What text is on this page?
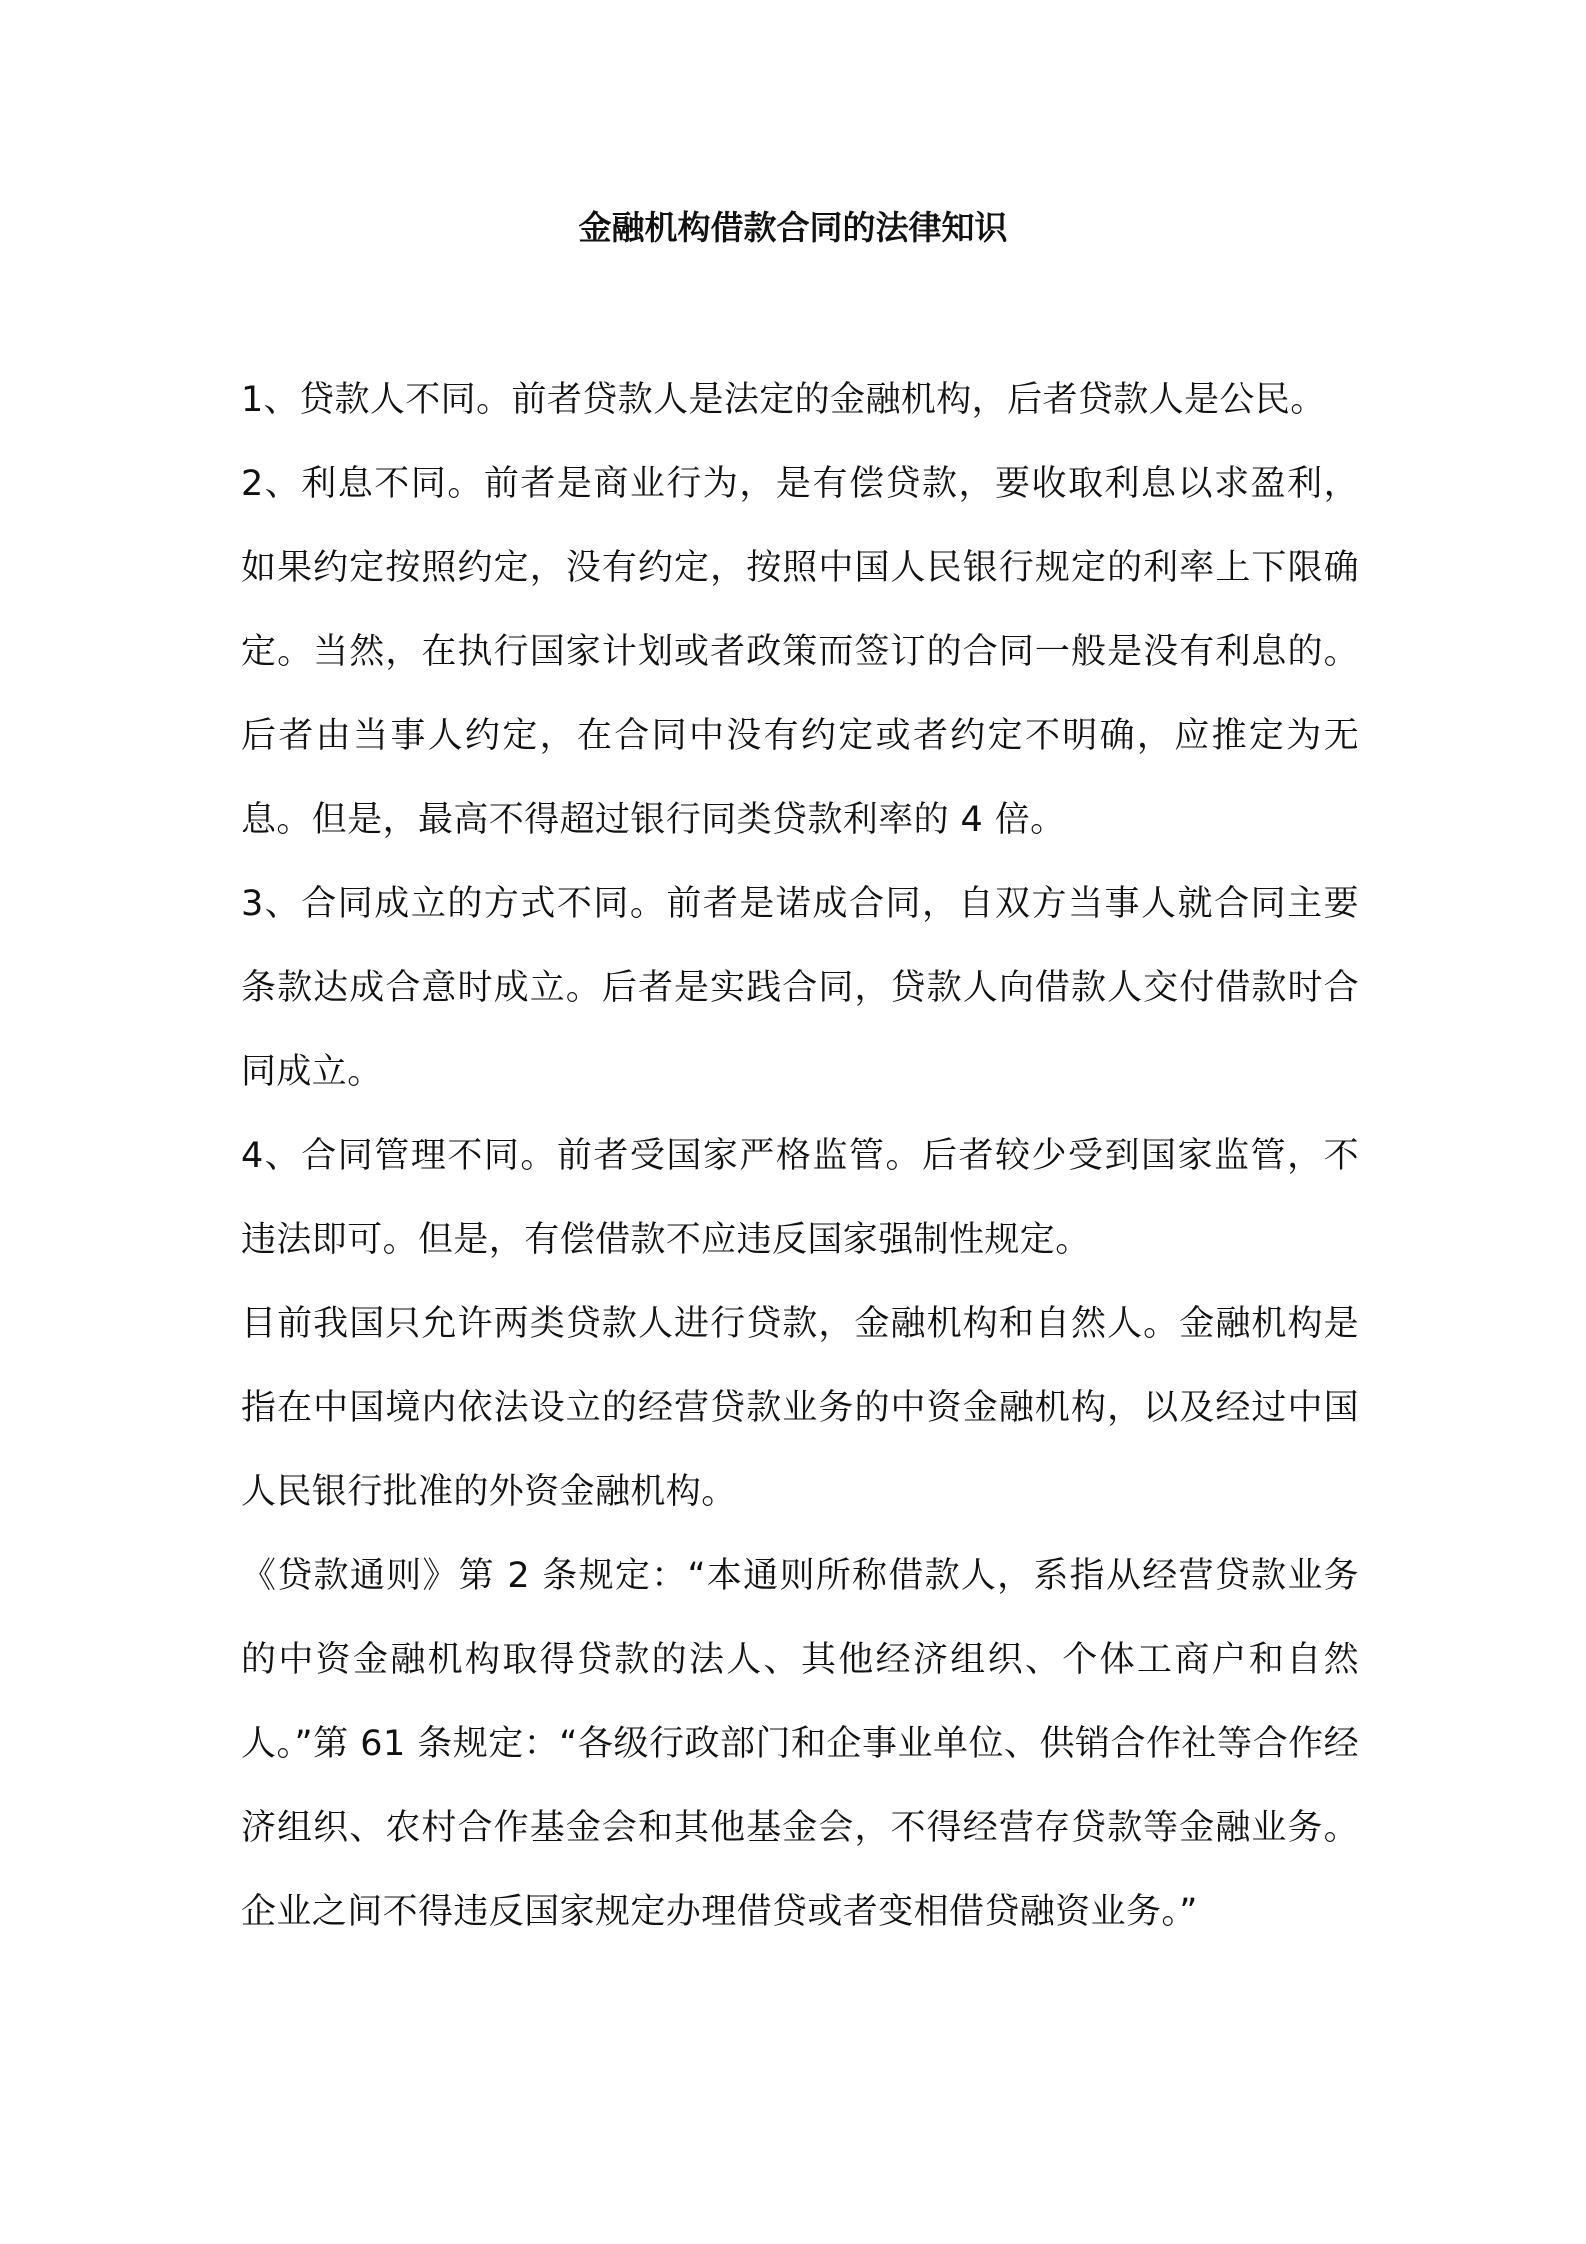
金融机构借款合同的法律知识

1、贷款人不同。前者贷款人是法定的金融机构，后者贷款人是公民。

2、利息不同。前者是商业行为，是有偿贷款，要收取利息以求盈利，如果约定按照约定，没有约定，按照中国人民银行规定的利率上下限确定。当然，在执行国家计划或者政策而签订的合同一般是没有利息的。后者由当事人约定，在合同中没有约定或者约定不明确，应推定为无息。但是，最高不得超过银行同类贷款利率的 4 倍。

3、合同成立的方式不同。前者是诺成合同，自双方当事人就合同主要条款达成合意时成立。后者是实践合同，贷款人向借款人交付借款时合同成立。

4、合同管理不同。前者受国家严格监管。后者较少受到国家监管，不违法即可。但是，有偿借款不应违反国家强制性规定。

目前我国只允许两类贷款人进行贷款，金融机构和自然人。金融机构是指在中国境内依法设立的经营贷款业务的中资金融机构，以及经过中国人民银行批准的外资金融机构。

《贷款通则》第 2 条规定：“本通则所称借款人，系指从经营贷款业务的中资金融机构取得贷款的法人、其他经济组织、个体工商户和自然人。”第 61 条规定：“各级行政部门和企事业单位、供销合作社等合作经济组织、农村合作基金会和其他基金会，不得经营存贷款等金融业务。企业之间不得违反国家规定办理借贷或者变相借贷融资业务。”
